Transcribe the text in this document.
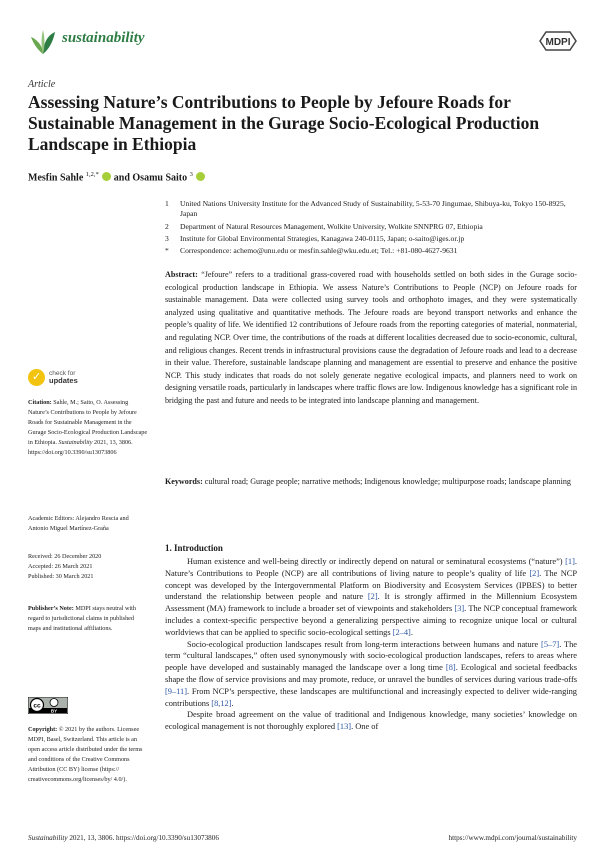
sustainability	MDPI
Article
Assessing Nature’s Contributions to People by Jefoure Roads for Sustainable Management in the Gurage Socio-Ecological Production Landscape in Ethiopia
Mesfin Sahle $^{1,2,*}$ and Osamu Saito $^3$
1	United Nations University Institute for the Advanced Study of Sustainability, 5-53-70 Jingumae, Shibuya-ku, Tokyo 150-8925, Japan
2	Department of Natural Resources Management, Wolkite University, Wolkite SNNPRG 07, Ethiopia
3	Institute for Global Environmental Strategies, Kanagawa 240-0115, Japan; o-saito@iges.or.jp
*	Correspondence: achemo@unu.edu or mesfin.sahle@wku.edu.et; Tel.: +81-080-4627-9631
Abstract: “Jefoure” refers to a traditional grass-covered road with households settled on both sides in the Gurage socio-ecological production landscape in Ethiopia. We assess Nature’s Contributions to People (NCP) on Jefoure roads for sustainable management. Data were collected using survey tools and orthophoto images, and they were systematically analyzed using qualitative and quantitative methods. The Jefoure roads are beyond transport networks and enhance the people’s quality of life. We identified 12 contributions of Jefoure roads from the reporting categories of material, nonmaterial, and regulating NCP. Over time, the contributions of the roads at different localities decreased due to socio-economic, cultural, and religious changes. Recent trends in infrastructural provisions cause the degradation of Jefoure roads and lead to a decrease in their value. Therefore, sustainable landscape planning and management are essential to preserve and enhance the positive NCP. This study indicates that roads do not solely generate negative ecological impacts, and planners need to work on designing versatile roads, particularly in landscapes where traffic flows are low. Indigenous knowledge has a significant role in bridging the past and future and needs to be integrated into landscape planning and management.
Keywords: cultural road; Gurage people; narrative methods; Indigenous knowledge; multipurpose roads; landscape planning
✓ check for
updates
Citation: Sahle, M.; Saito, O. Assessing Nature’s Contributions to People by Jefoure Roads for Sustainable Management in the Gurage Socio-Ecological Production Landscape in Ethiopia. Sustainability 2021, 13, 3806. https://doi.org/10.3390/su13073806
Academic Editors: Alejandro Rescia and Antonio Miguel Martínez-Graña
Received: 26 December 2020
Accepted: 26 March 2021
Published: 30 March 2021
Publisher’s Note: MDPI stays neutral with regard to jurisdictional claims in published maps and institutional affiliations.
cc
BY
Copyright: © 2021 by the authors. Licensee MDPI, Basel, Switzerland. This article is an open access article distributed under the terms and conditions of the Creative Commons Attribution (CC BY) license (https:// creativecommons.org/licenses/by/ 4.0/).
1. Introduction

Human existence and well-being directly or indirectly depend on natural or seminatural ecosystems (“nature”) [1]. Nature’s Contributions to People (NCP) are all contributions of living nature to people’s quality of life [2]. The NCP concept was developed by the Intergovernmental Platform on Biodiversity and Ecosystem Services (IPBES) to better understand the relationship between people and nature [2]. It is strongly affirmed in the Millennium Ecosystem Assessment (MA) framework to include a broader set of viewpoints and stakeholders [3]. The NCP conceptual framework includes a context-specific perspective beyond a generalizing perspective aiming to recognize unique local or cultural worldviews that can be applied to specific socio-ecological settings [2–4].

Socio-ecological production landscapes result from long-term interactions between humans and nature [5–7]. The term “cultural landscapes,” often used synonymously with socio-ecological production landscapes, refers to areas where people have developed and sustainably managed the landscape over a long time [8]. Ecological and societal feedbacks shape the flow of service provisions and may promote, reduce, or unravel the bundles of services during various trade-offs [9–11]. From NCP’s perspective, these landscapes are multifunctional and increasingly expected to deliver wide-ranging contributions [8,12].

Despite broad agreement on the value of traditional and Indigenous knowledge, many societies’ knowledge on ecological management is not thoroughly explored [13]. One of

Sustainability 2021, 13, 3806. https://doi.org/10.3390/su13073806	https://www.mdpi.com/journal/sustainability
